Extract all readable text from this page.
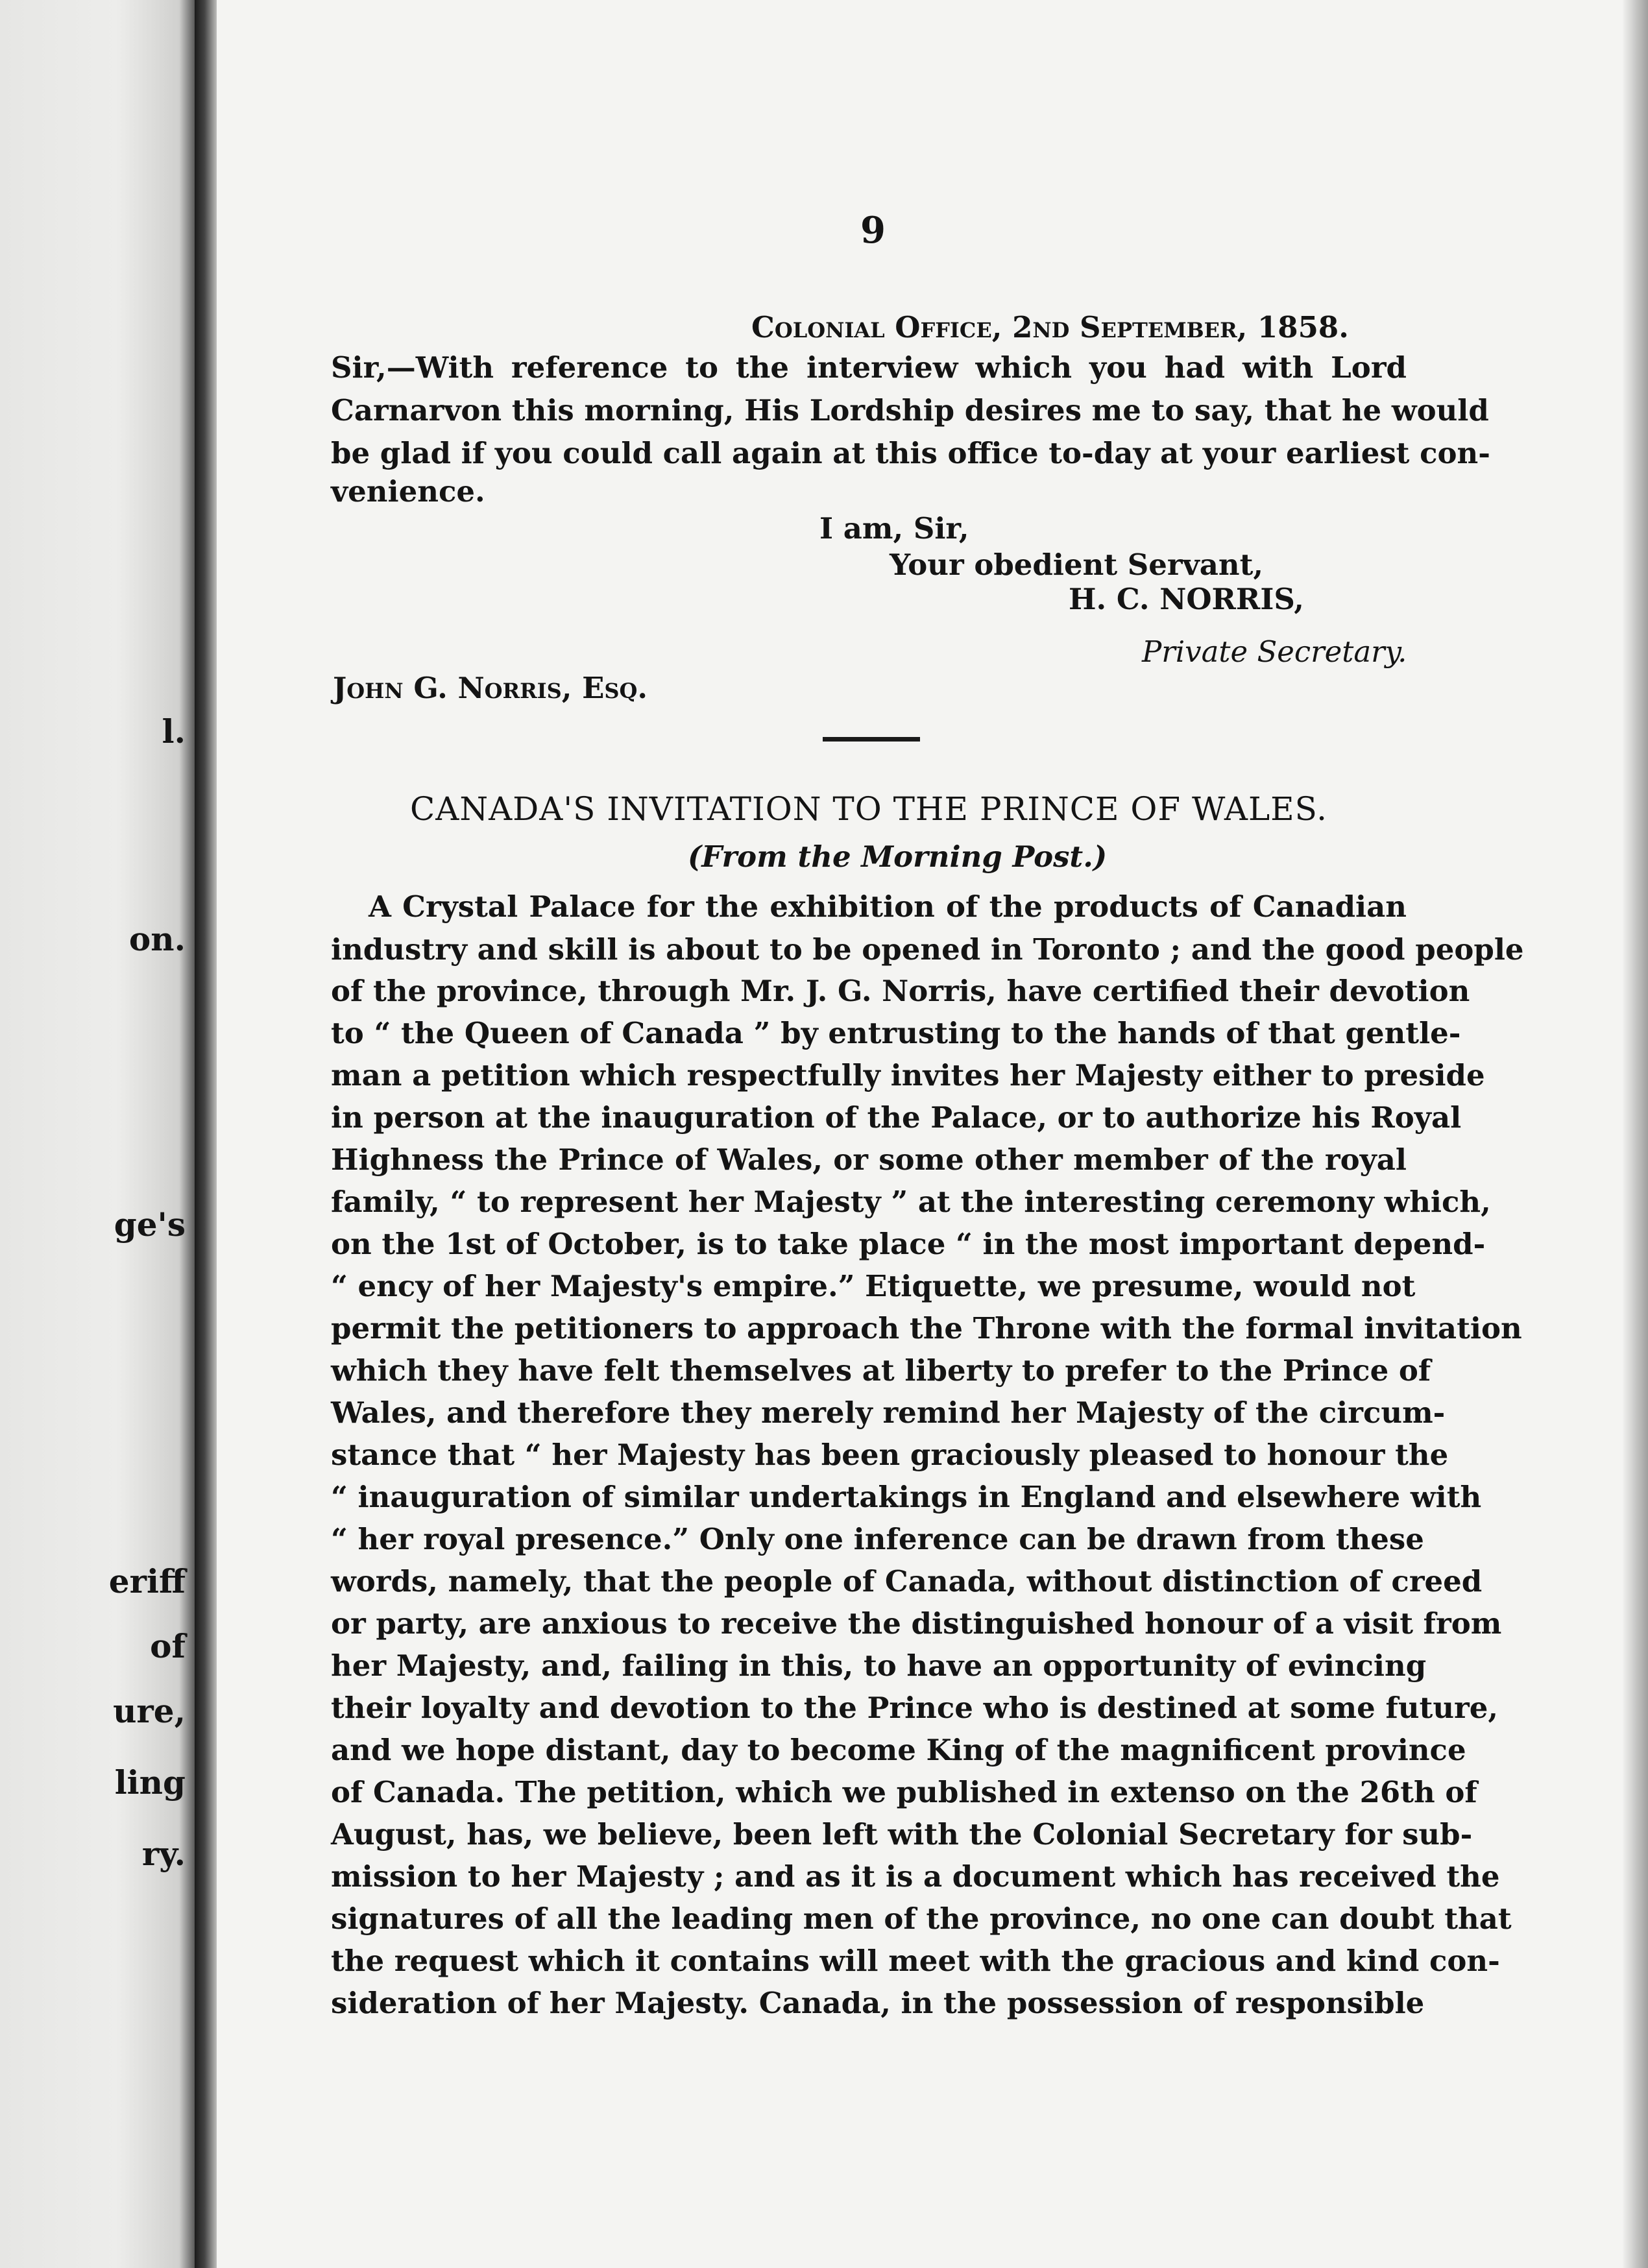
l.
on.
ge's
eriff
of
ure,
ling
ry.
9
Colonial Office, 2nd September, 1858.
Sir,—With reference to the interview which you had with Lord
Carnarvon this morning, His Lordship desires me to say, that he would
be glad if you could call again at this office to-day at your earliest con-
venience.
I am, Sir,
Your obedient Servant,
H. C. NORRIS,
Private Secretary.
John G. Norris, Esq.
CANADA'S INVITATION TO THE PRINCE OF WALES.
(From the Morning Post.)
A Crystal Palace for the exhibition of the products of Canadian
industry and skill is about to be opened in Toronto ; and the good people
of the province, through Mr. J. G. Norris, have certified their devotion
to “ the Queen of Canada ” by entrusting to the hands of that gentle-
man a petition which respectfully invites her Majesty either to preside
in person at the inauguration of the Palace, or to authorize his Royal
Highness the Prince of Wales, or some other member of the royal
family, “ to represent her Majesty ” at the interesting ceremony which,
on the 1st of October, is to take place “ in the most important depend-
“ ency of her Majesty's empire.” Etiquette, we presume, would not
permit the petitioners to approach the Throne with the formal invitation
which they have felt themselves at liberty to prefer to the Prince of
Wales, and therefore they merely remind her Majesty of the circum-
stance that “ her Majesty has been graciously pleased to honour the
“ inauguration of similar undertakings in England and elsewhere with
“ her royal presence.” Only one inference can be drawn from these
words, namely, that the people of Canada, without distinction of creed
or party, are anxious to receive the distinguished honour of a visit from
her Majesty, and, failing in this, to have an opportunity of evincing
their loyalty and devotion to the Prince who is destined at some future,
and we hope distant, day to become King of the magnificent province
of Canada. The petition, which we published in extenso on the 26th of
August, has, we believe, been left with the Colonial Secretary for sub-
mission to her Majesty ; and as it is a document which has received the
signatures of all the leading men of the province, no one can doubt that
the request which it contains will meet with the gracious and kind con-
sideration of her Majesty. Canada, in the possession of responsible
